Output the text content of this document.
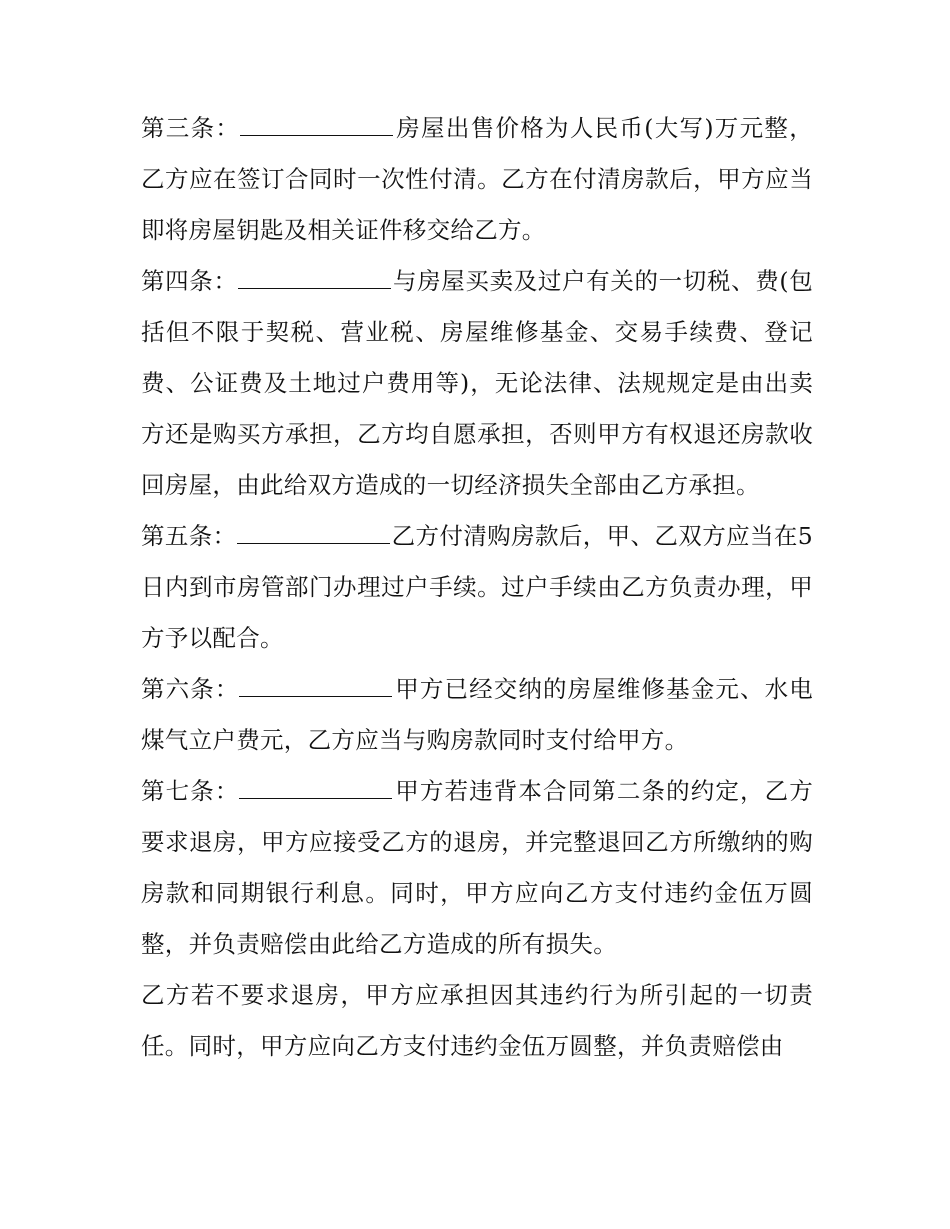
第三条：	房屋出售价格为人民币(大写)万元整，乙方应在签订合同时一次性付清。乙方在付清房款后，甲方应当即将房屋钥匙及相关证件移交给乙方。

第四条：	与房屋买卖及过户有关的一切税、费(包括但不限于契税、营业税、房屋维修基金、交易手续费、登记费、公证费及土地过户费用等)，无论法律、法规规定是由出卖方还是购买方承担，乙方均自愿承担，否则甲方有权退还房款收回房屋，由此给双方造成的一切经济损失全部由乙方承担。

第五条：	乙方付清购房款后，甲、乙双方应当在5日内到市房管部门办理过户手续。过户手续由乙方负责办理，甲方予以配合。

第六条：	甲方已经交纳的房屋维修基金元、水电煤气立户费元，乙方应当与购房款同时支付给甲方。

第七条：	甲方若违背本合同第二条的约定，乙方要求退房，甲方应接受乙方的退房，并完整退回乙方所缴纳的购房款和同期银行利息。同时，甲方应向乙方支付违约金伍万圆整，并负责赔偿由此给乙方造成的所有损失。

乙方若不要求退房，甲方应承担因其违约行为所引起的一切责任。同时，甲方应向乙方支付违约金伍万圆整，并负责赔偿由
